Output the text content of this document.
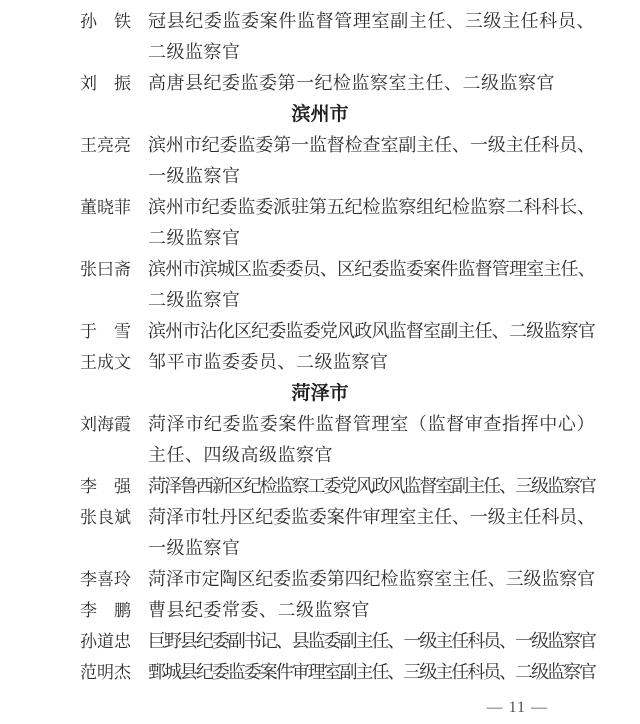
孙 铁 冠县纪委监委案件监督管理室副主任、三级主任科员、
二级监察官
刘 振 高唐县纪委监委第一纪检监察室主任、二级监察官
滨州市
王 亮 亮 滨州市纪委监委第一监督检查室副主任、一级主任科员、
一级监察官
董 晓 菲 滨州市纪委监委派驻第五纪检监察组纪检监察二科科长、
二级监察官
张 曰 斋 滨州市滨城区监委委员、区纪委监委案件监督管理室主任、
二级监察官
于 雪 滨州市沾化区纪委监委党风政风监督室副主任、二级监察官
王 成 文 邹平市监委委员、二级监察官
菏泽市
刘 海 霞 菏泽市纪委监委案件监督管理室（监督审查指挥中心）
主任、四级高级监察官
李 强 菏泽鲁西新区纪检监察工委党风政风监督室副主任、三级监察官
张 良 斌 菏泽市牡丹区纪委监委案件审理室主任、一级主任科员、
一级监察官
李 喜 玲 菏泽市定陶区纪委监委第四纪检监察室主任、三级监察官
李 鹏 曹县纪委常委、二级监察官
孙 道 忠 巨野县纪委副书记、县监委副主任、一级主任科员、一级监察官
范 明 杰 鄄城县纪委监委案件审理室副主任、三级主任科员、二级监察官
— 11 —
